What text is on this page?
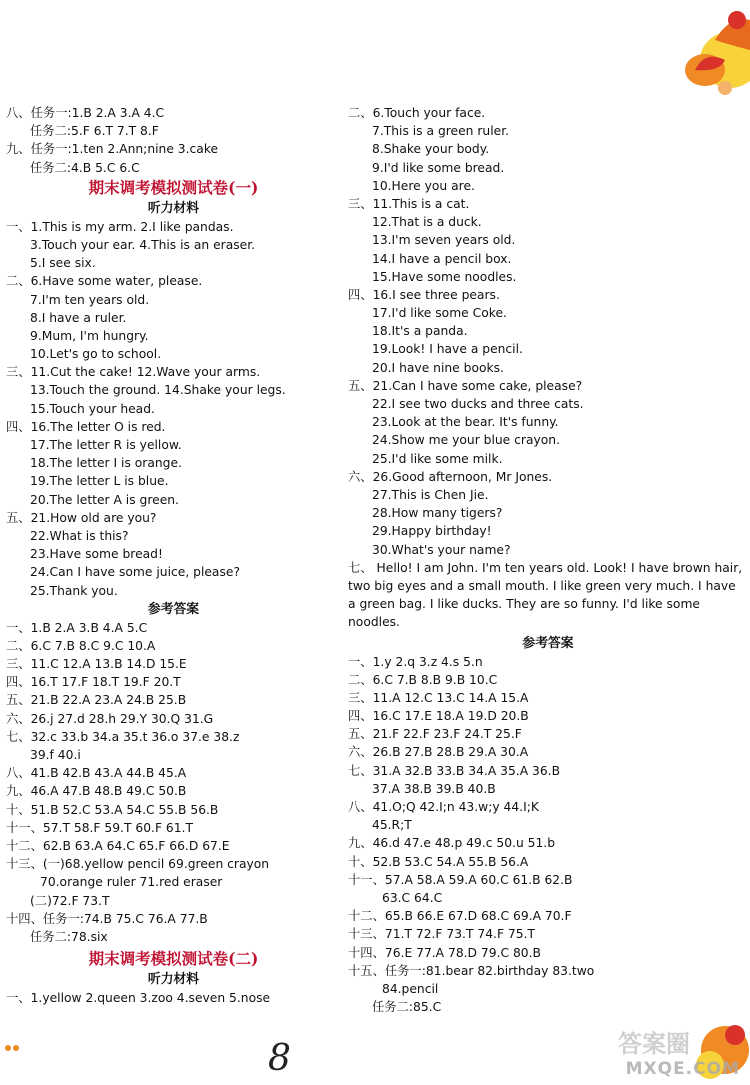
八、任务一:1.B 2.A 3.A 4.C
任务二:5.F 6.T 7.T 8.F
九、任务一:1.ten 2.Ann;nine 3.cake
任务二:4.B 5.C 6.C
期末调考模拟测试卷(一)
听力材料
一、1.This is my arm. 2.I like pandas.
3.Touch your ear. 4.This is an eraser.
5.I see six.
二、6.Have some water, please.
7.I'm ten years old.
8.I have a ruler.
9.Mum, I'm hungry.
10.Let's go to school.
三、11.Cut the cake! 12.Wave your arms.
13.Touch the ground. 14.Shake your legs.
15.Touch your head.
四、16.The letter O is red.
17.The letter R is yellow.
18.The letter I is orange.
19.The letter L is blue.
20.The letter A is green.
五、21.How old are you?
22.What is this?
23.Have some bread!
24.Can I have some juice, please?
25.Thank you.
参考答案
一、1.B 2.A 3.B 4.A 5.C
二、6.C 7.B 8.C 9.C 10.A
三、11.C 12.A 13.B 14.D 15.E
四、16.T 17.F 18.T 19.F 20.T
五、21.B 22.A 23.A 24.B 25.B
六、26.j 27.d 28.h 29.Y 30.Q 31.G
七、32.c 33.b 34.a 35.t 36.o 37.e 38.z
39.f 40.i
八、41.B 42.B 43.A 44.B 45.A
九、46.A 47.B 48.B 49.C 50.B
十、51.B 52.C 53.A 54.C 55.B 56.B
十一、57.T 58.F 59.T 60.F 61.T
十二、62.B 63.A 64.C 65.F 66.D 67.E
十三、(一)68.yellow pencil 69.green crayon
70.orange ruler 71.red eraser
(二)72.F 73.T
十四、任务一:74.B 75.C 76.A 77.B
任务二:78.six
期末调考模拟测试卷(二)
听力材料
一、1.yellow 2.queen 3.zoo 4.seven 5.nose
二、6.Touch your face.
7.This is a green ruler.
8.Shake your body.
9.I'd like some bread.
10.Here you are.
三、11.This is a cat.
12.That is a duck.
13.I'm seven years old.
14.I have a pencil box.
15.Have some noodles.
四、16.I see three pears.
17.I'd like some Coke.
18.It's a panda.
19.Look! I have a pencil.
20.I have nine books.
五、21.Can I have some cake, please?
22.I see two ducks and three cats.
23.Look at the bear. It's funny.
24.Show me your blue crayon.
25.I'd like some milk.
六、26.Good afternoon, Mr Jones.
27.This is Chen Jie.
28.How many tigers?
29.Happy birthday!
30.What's your name?
七、 Hello! I am John. I'm ten years old. Look! I have brown hair, two big eyes and a small mouth. I like green very much. I have a green bag. I like ducks. They are so funny. I'd like some noodles.
参考答案
一、1.y 2.q 3.z 4.s 5.n
二、6.C 7.B 8.B 9.B 10.C
三、11.A 12.C 13.C 14.A 15.A
四、16.C 17.E 18.A 19.D 20.B
五、21.F 22.F 23.F 24.T 25.F
六、26.B 27.B 28.B 29.A 30.A
七、31.A 32.B 33.B 34.A 35.A 36.B
37.A 38.B 39.B 40.B
八、41.O;Q 42.I;n 43.w;y 44.I;K
45.R;T
九、46.d 47.e 48.p 49.c 50.u 51.b
十、52.B 53.C 54.A 55.B 56.A
十一、57.A 58.A 59.A 60.C 61.B 62.B
63.C 64.C
十二、65.B 66.E 67.D 68.C 69.A 70.F
十三、71.T 72.F 73.T 74.F 75.T
十四、76.E 77.A 78.D 79.C 80.B
十五、任务一:81.bear 82.birthday 83.two
84.pencil
任务二:85.C
8	答案圈
MXQE.COM
